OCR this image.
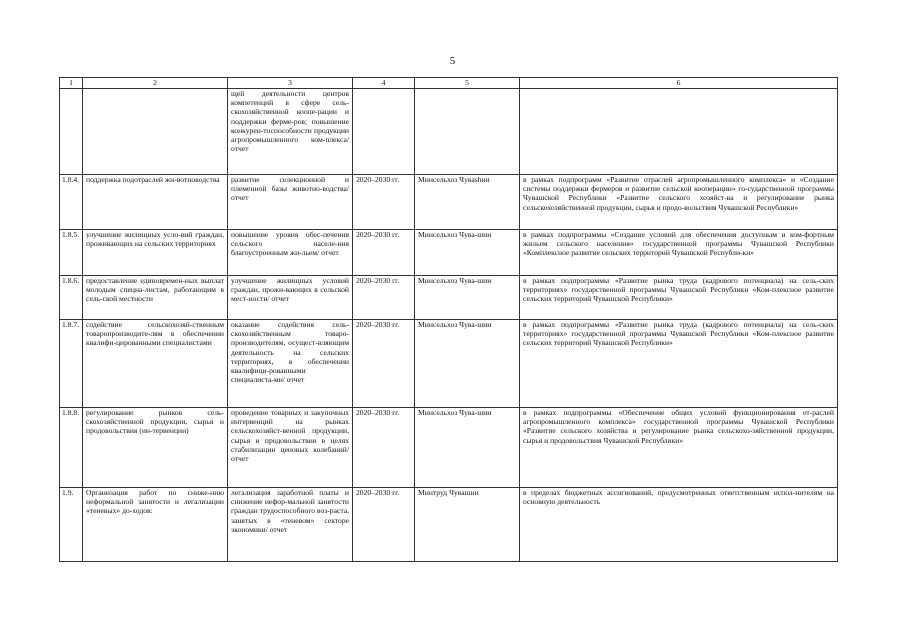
5
1	2	3	4	5	6
		щей деятельности центров компетенций в сфере сель-скохозяйственной коопе-рации и поддержки ферме-ров; повышение конкурен-тоспособности продукции агропромышленного ком-плекса/ отчет			
1.8.4.	поддержка подотраслей жи-вотноводства	развитие селекционной и племенной базы животно-водства/ отчет	2020–2030 гг.	Минсельхоз Чуваshии	в рамках подпрограмм «Развитие отраслей агропромышленного комплекса» и «Создание системы поддержки фермеров и развитие сельской кооперации» го-сударственной программы Чувашской Республики «Развитие сельского хозяйст-ва и регулирование рынка сельскохозяйственной продукции, сырья и продо-вольствия Чувашской Республики»
1.8.5.	улучшение жилищных усло-вий граждан, проживающих на сельских территориях	повышение уровня обес-печения сельского населе-ния благоустроенным жи-льем/ отчет	2020–2030 гг.	Минсельхоз Чува-шии	в рамках подпрограммы «Создание условий для обеспечения доступным и ком-фортным жильем сельского населения» государственной программы Чувашской Республики «Комплексное развитие сельских территорий Чувашской Республи-ки»
1.8.6.	предоставление единовремен-ных выплат молодым специа-листам, работающим в сель-ской местности	улучшение жилищных условий граждан, прожи-вающих в сельской мест-ности/ отчет	2020–2030 гг.	Минсельхоз Чува-шии	в рамках подпрограммы «Развитие рынка труда (кадрового потенциала) на сель-ских территориях» государственной программы Чувашской Республики «Ком-плексное развитие сельских территорий Чувашской Республики»
1.8.7.	содействие сельскохозяй-ственным товаропроизводите-лям в обеспечении квалифи-цированными специалистами	оказание содействия сель-скохозяйственным товаро-производителям, осущест-вляющим деятельность на сельских территориях, в обеспечении квалифици-рованными специалиста-ми/ отчет	2020–2030 гг.	Минсельхоз Чува-шии	в рамках подпрограммы «Развитие рынка труда (кадрового потенциала) на сель-ских территориях» государственной программы Чувашской Республики «Ком-плексное развитие сельских территорий Чувашской Республики»
1.8.8.	регулирование рынков сель-скохозяйственной продукции, сырья и продовольствия (ин-тервенции)	проведение товарных и закупочных интервенций на рынках сельскохозяйст-венной продукции, сырья и продовольствия в целях стабилизации ценовых колебаний/ отчет	2020–2030 гг.	Минсельхоз Чува-шии	в рамках подпрограммы «Обеспечение общих условий функционирования от-раслей агропромышленного комплекса» государственной программы Чувашской Республики «Развитие сельского хозяйства и регулирование рынка сельскохо-зяйственной продукции, сырья и продовольствия Чувашской Республики»
1.9.	Организация работ по сниже-нию неформальной занятости и легализации «теневых» до-ходов:	легализация заработной платы и снижение нефор-мальной занятости граждан трудоспособного воз-раста, занятых в «теневом» секторе экономики/ отчет	2020–2030 гг.	Минтруд Чувашии	в пределах бюджетных ассигнований, предусмотренных ответственным испол-нителям на основную деятельность
